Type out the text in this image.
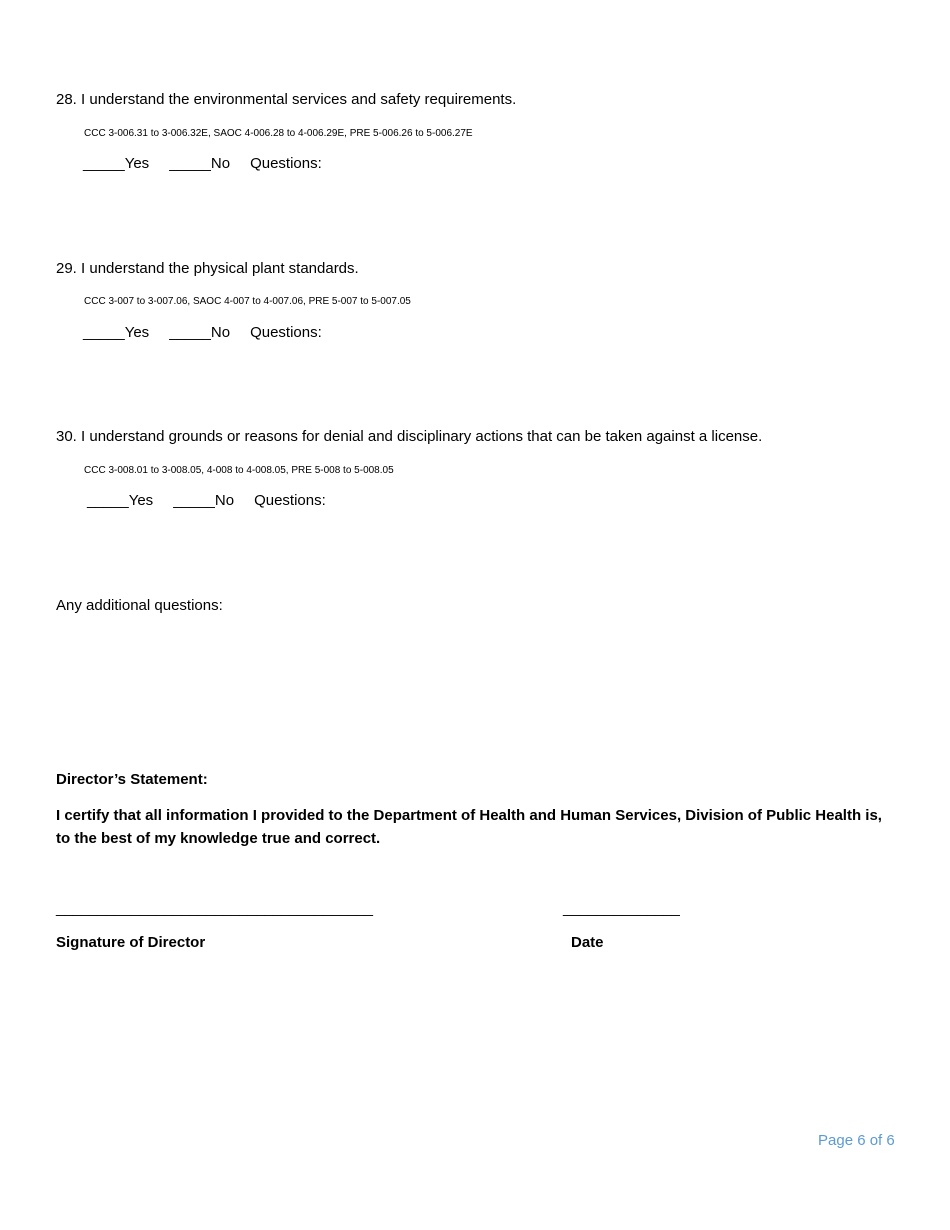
28. I understand the environmental services and safety requirements.
CCC 3-006.31 to 3-006.32E, SAOC 4-006.28 to 4-006.29E, PRE 5-006.26 to 5-006.27E
_____Yes _____No Questions:
29. I understand the physical plant standards.
CCC 3-007 to 3-007.06, SAOC 4-007 to 4-007.06, PRE 5-007 to 5-007.05
_____Yes _____No Questions:
30. I understand grounds or reasons for denial and disciplinary actions that can be taken against a license.
CCC 3-008.01 to 3-008.05, 4-008 to 4-008.05, PRE 5-008 to 5-008.05
_____Yes _____No Questions:
Any additional questions:
Director’s Statement:
I certify that all information I provided to the Department of Health and Human Services, Division of Public Health is, to the best of my knowledge true and correct.
______________________________________	______________
Signature of Director	Date
Page 6 of 6
